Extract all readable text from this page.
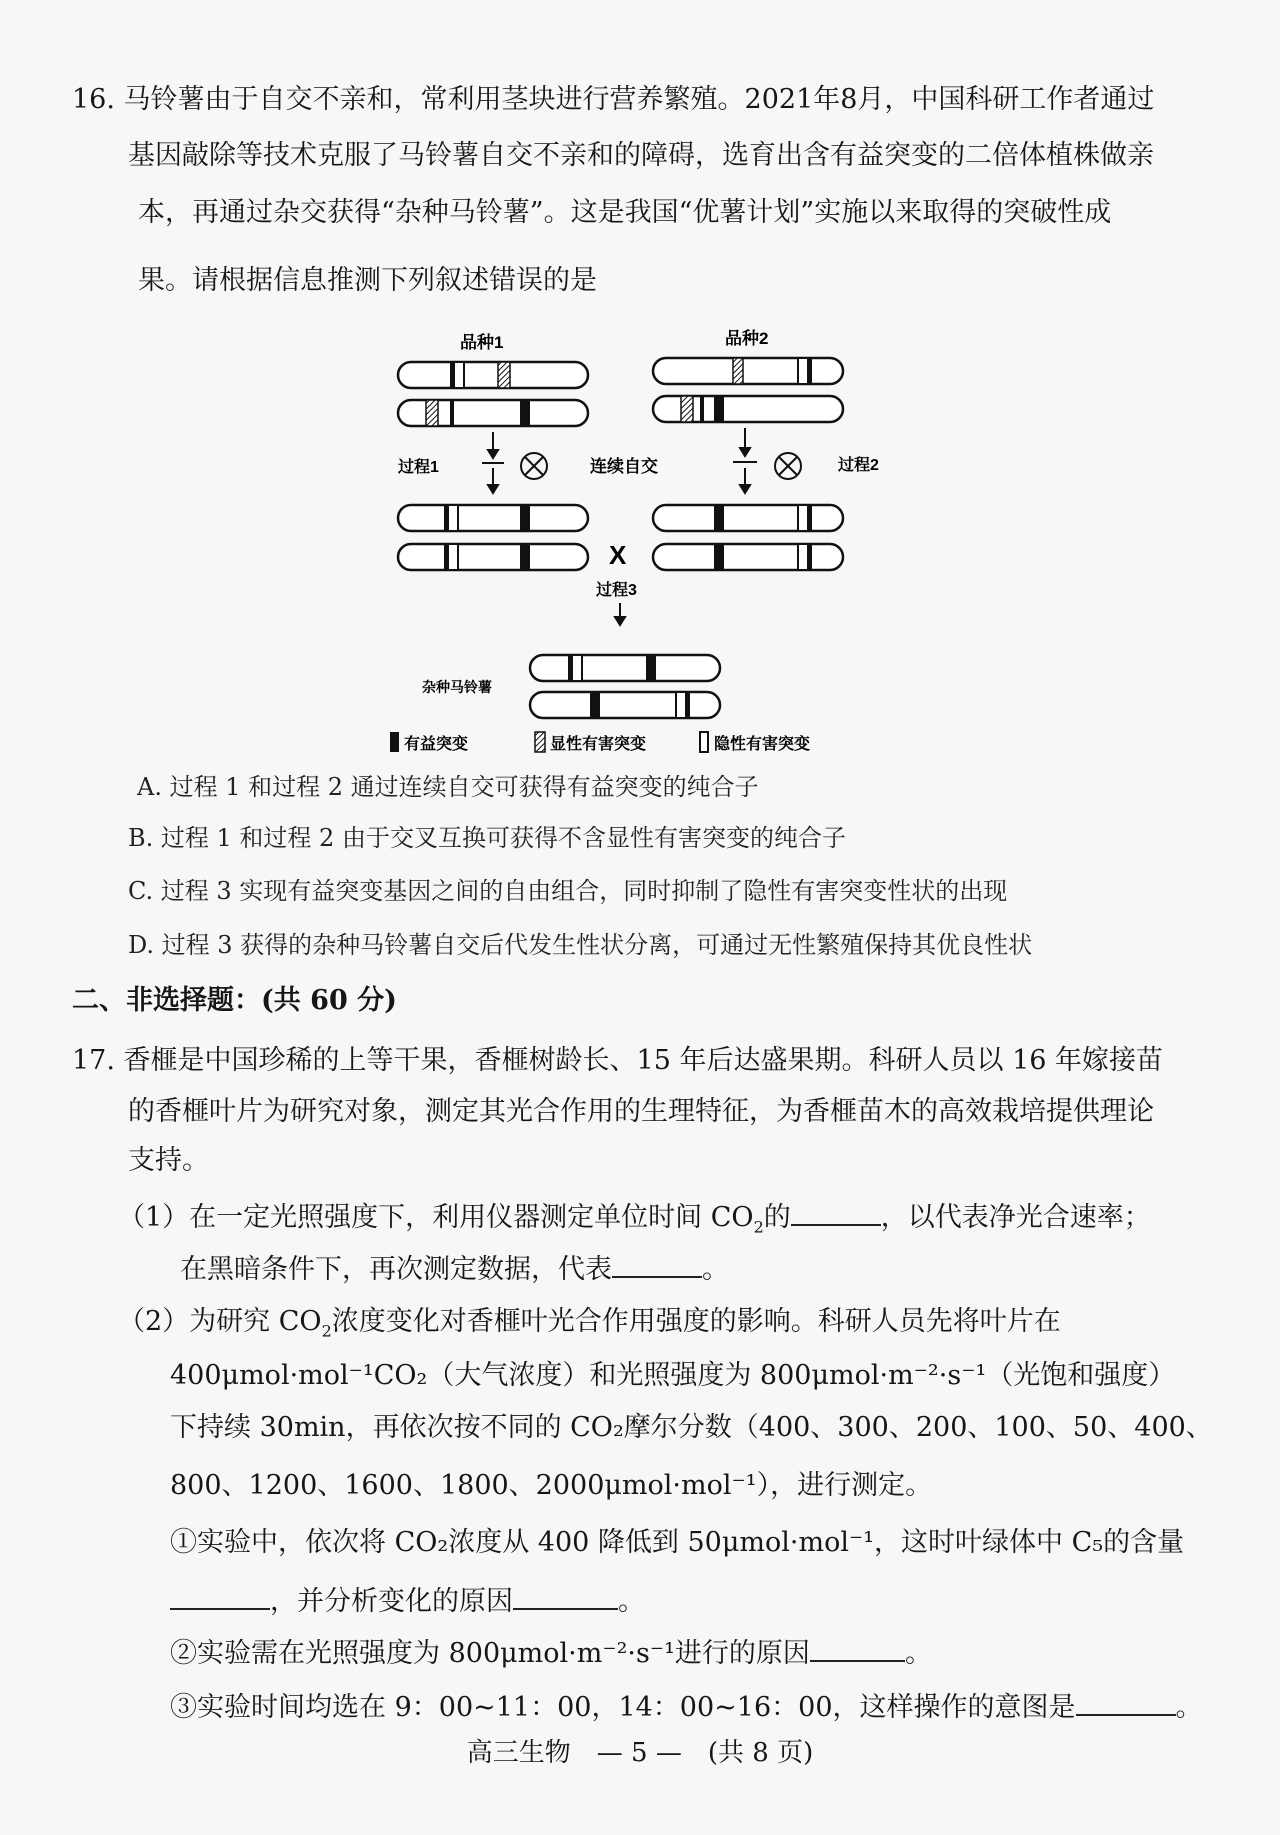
16. 马铃薯由于自交不亲和，常利用茎块进行营养繁殖。2021年8月，中国科研工作者通过
基因敲除等技术克服了马铃薯自交不亲和的障碍，选育出含有益突变的二倍体植株做亲
本，再通过杂交获得“杂种马铃薯”。这是我国“优薯计划”实施以来取得的突破性成
果。请根据信息推测下列叙述错误的是
品种1	品种2
过程1	连续自交	过程2
X
过程3
杂种马铃薯
有益突变	显性有害突变	隐性有害突变
A. 过程 1 和过程 2 通过连续自交可获得有益突变的纯合子
B. 过程 1 和过程 2 由于交叉互换可获得不含显性有害突变的纯合子
C. 过程 3 实现有益突变基因之间的自由组合，同时抑制了隐性有害突变性状的出现
D. 过程 3 获得的杂种马铃薯自交后代发生性状分离，可通过无性繁殖保持其优良性状
二、非选择题：(共 60 分)
17. 香榧是中国珍稀的上等干果，香榧树龄长、15 年后达盛果期。科研人员以 16 年嫁接苗
的香榧叶片为研究对象，测定其光合作用的生理特征，为香榧苗木的高效栽培提供理论
支持。
（1）在一定光照强度下，利用仪器测定单位时间 $CO_2$的	，以代表净光合速率；
在黑暗条件下，再次测定数据，代表	。
（2）为研究 $CO_2$浓度变化对香榧叶光合作用强度的影响。科研人员先将叶片在
400μmol·mol⁻¹CO₂（大气浓度）和光照强度为 800μmol·m⁻²·s⁻¹（光饱和强度）
下持续 30min，再依次按不同的 CO₂摩尔分数（400、300、200、100、50、400、
800、1200、1600、1800、2000μmol·mol⁻¹），进行测定。
①实验中，依次将 CO₂浓度从 400 降低到 50μmol·mol⁻¹，这时叶绿体中 C₅的含量
，并分析变化的原因	。
②实验需在光照强度为 800μmol·m⁻²·s⁻¹进行的原因	。
③实验时间均选在 9：00~11：00，14：00~16：00，这样操作的意图是	。
高三生物　— 5 —　(共 8 页)
